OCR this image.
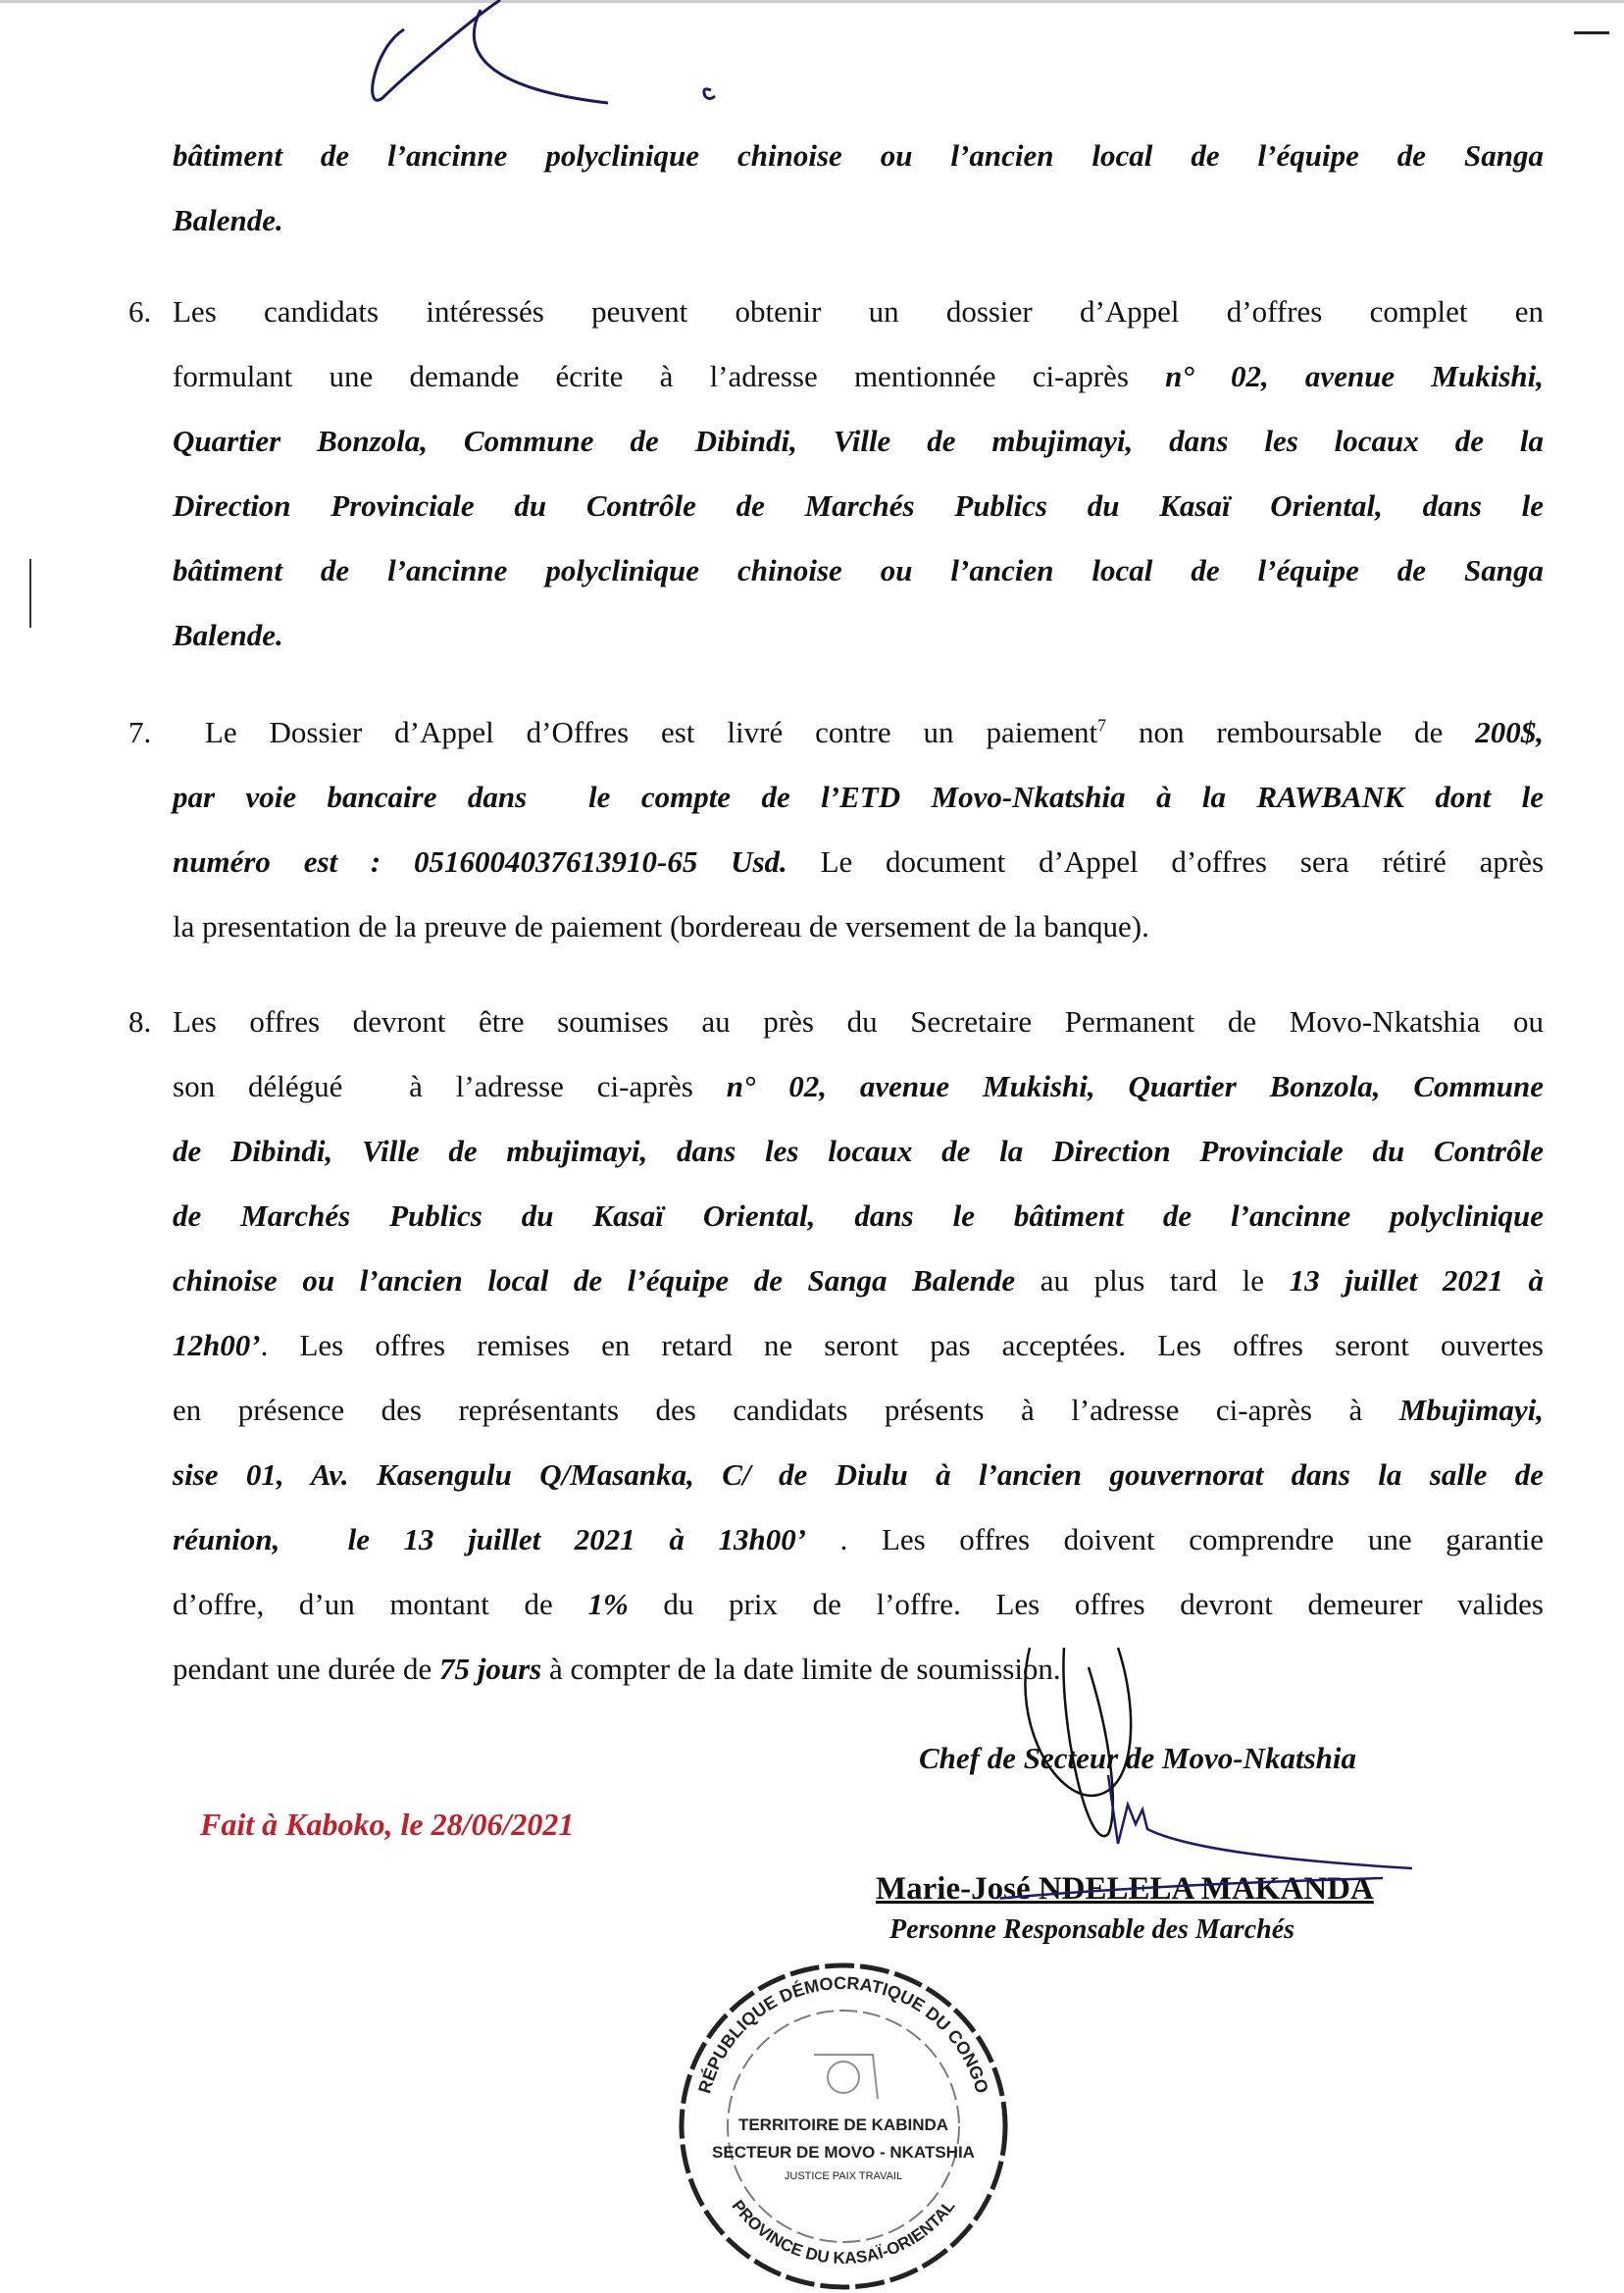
bâtiment de l’ancinne polyclinique chinoise ou l’ancien local de l’équipe de Sanga
Balende.
6. Les candidats intéressés peuvent obtenir un dossier d’Appel d’offres complet en
formulant une demande écrite à l’adresse mentionnée ci-après n° 02, avenue Mukishi,
Quartier Bonzola, Commune de Dibindi, Ville de mbujimayi, dans les locaux de la
Direction Provinciale du Contrôle de Marchés Publics du Kasaï Oriental, dans le
bâtiment de l’ancinne polyclinique chinoise ou l’ancien local de l’équipe de Sanga
Balende.
7. Le Dossier d’Appel d’Offres est livré contre un paiement$^7$ non remboursable de 200$,
par voie bancaire dans  le compte de l’ETD Movo-Nkatshia à la RAWBANK dont le
numéro est : 0516004037613910-65 Usd. Le document d’Appel d’offres sera rétiré après
la presentation de la preuve de paiement (bordereau de versement de la banque).
8. Les offres devront être soumises au près du Secretaire Permanent de Movo-Nkatshia ou
son délégué  à l’adresse ci-après n° 02, avenue Mukishi, Quartier Bonzola, Commune
de Dibindi, Ville de mbujimayi, dans les locaux de la Direction Provinciale du Contrôle
de Marchés Publics du Kasaï Oriental, dans le bâtiment de l’ancinne polyclinique
chinoise ou l’ancien local de l’équipe de Sanga Balende au plus tard le 13 juillet 2021 à
12h00’. Les offres remises en retard ne seront pas acceptées. Les offres seront ouvertes
en présence des représentants des candidats présents à l’adresse ci-après à Mbujimayi,
sise 01, Av. Kasengulu Q/Masanka, C/ de Diulu à l’ancien gouvernorat dans la salle de
réunion,  le 13 juillet 2021 à 13h00’ . Les offres doivent comprendre une garantie
d’offre, d’un montant de 1% du prix de l’offre. Les offres devront demeurer valides
pendant une durée de 75 jours à compter de la date limite de soumission.
RÉPUBLIQUE DÉMOCRATIQUE DU CONGO
TERRITOIRE DE KABINDA
SECTEUR DE MOVO - NKATSHIA
JUSTICE PAIX TRAVAIL
PROVINCE DU KASAÏ-ORIENTAL
Chef de Secteur de Movo-Nkatshia
Fait à Kaboko, le 28/06/2021
Marie-José NDELELA MAKANDA
Personne Responsable des Marchés
